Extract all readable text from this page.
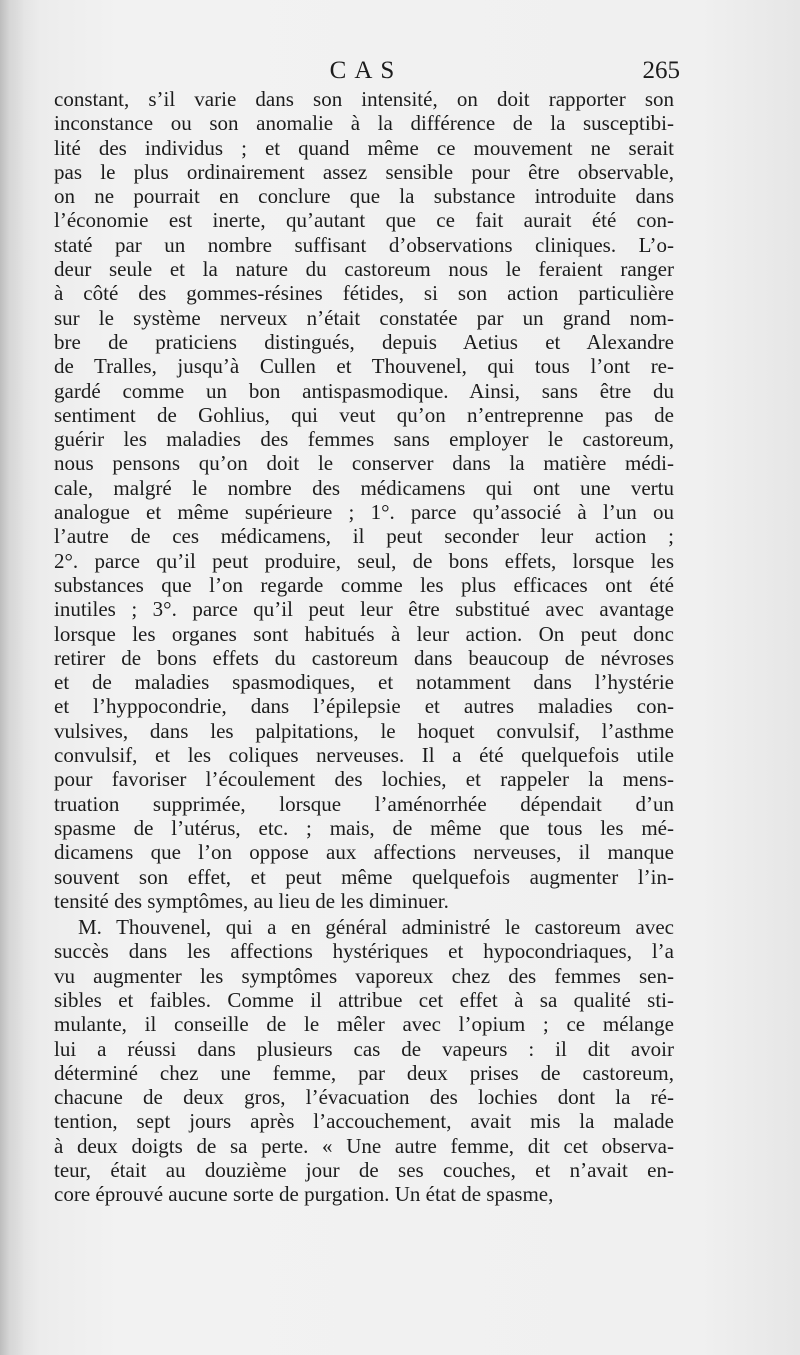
CAS	265
constant, s’il varie dans son intensité, on doit rapporter son
inconstance ou son anomalie à la différence de la susceptibi-
lité des individus ; et quand même ce mouvement ne serait
pas le plus ordinairement assez sensible pour être observable,
on ne pourrait en conclure que la substance introduite dans
l’économie est inerte, qu’autant que ce fait aurait été con-
staté par un nombre suffisant d’observations cliniques. L’o-
deur seule et la nature du castoreum nous le feraient ranger
à côté des gommes-résines fétides, si son action particulière
sur le système nerveux n’était constatée par un grand nom-
bre de praticiens distingués, depuis Aetius et Alexandre
de Tralles, jusqu’à Cullen et Thouvenel, qui tous l’ont re-
gardé comme un bon antispasmodique. Ainsi, sans être du
sentiment de Gohlius, qui veut qu’on n’entreprenne pas de
guérir les maladies des femmes sans employer le castoreum,
nous pensons qu’on doit le conserver dans la matière médi-
cale, malgré le nombre des médicamens qui ont une vertu
analogue et même supérieure ; 1°. parce qu’associé à l’un ou
l’autre de ces médicamens, il peut seconder leur action ;
2°. parce qu’il peut produire, seul, de bons effets, lorsque les
substances que l’on regarde comme les plus efficaces ont été
inutiles ; 3°. parce qu’il peut leur être substitué avec avantage
lorsque les organes sont habitués à leur action. On peut donc
retirer de bons effets du castoreum dans beaucoup de névroses
et de maladies spasmodiques, et notamment dans l’hystérie
et l’hyppocondrie, dans l’épilepsie et autres maladies con-
vulsives, dans les palpitations, le hoquet convulsif, l’asthme
convulsif, et les coliques nerveuses. Il a été quelquefois utile
pour favoriser l’écoulement des lochies, et rappeler la mens-
truation supprimée, lorsque l’aménorrhée dépendait d’un
spasme de l’utérus, etc. ; mais, de même que tous les mé-
dicamens que l’on oppose aux affections nerveuses, il manque
souvent son effet, et peut même quelquefois augmenter l’in-
tensité des symptômes, au lieu de les diminuer.
M. Thouvenel, qui a en général administré le castoreum avec
succès dans les affections hystériques et hypocondriaques, l’a
vu augmenter les symptômes vaporeux chez des femmes sen-
sibles et faibles. Comme il attribue cet effet à sa qualité sti-
mulante, il conseille de le mêler avec l’opium ; ce mélange
lui a réussi dans plusieurs cas de vapeurs : il dit avoir
déterminé chez une femme, par deux prises de castoreum,
chacune de deux gros, l’évacuation des lochies dont la ré-
tention, sept jours après l’accouchement, avait mis la malade
à deux doigts de sa perte. « Une autre femme, dit cet observa-
teur, était au douzième jour de ses couches, et n’avait en-
core éprouvé aucune sorte de purgation. Un état de spasme,
